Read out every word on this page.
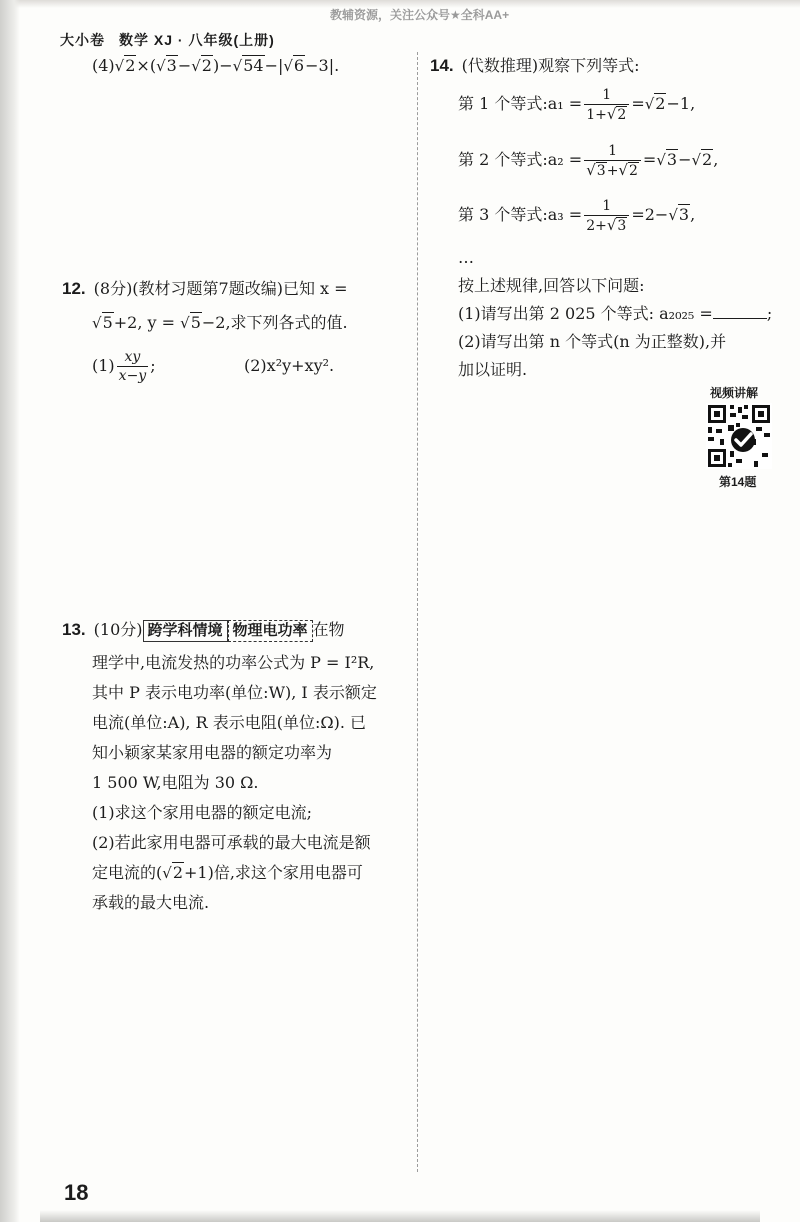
大小卷 数学 XJ · 八年级(上册)
教辅资源，关注公众号★全科AA+
(4)√2×(√3−√2)−√54−|√6−3|.
12. (8分)(教材习题第7题改编)已知 x =
√5+2, y = √5−2,求下列各式的值.
$(1) \frac{xy}{x-y}$ ;	(2)x²y+xy².
13. (10分) 跨学科情境 物理电功率 在物
理学中,电流发热的功率公式为 P = I²R,
其中 P 表示电功率(单位:W), I 表示额定
电流(单位:A), R 表示电阻(单位:Ω). 已
知小颖家某家用电器的额定功率为
1 500 W,电阻为 30 Ω.
(1)求这个家用电器的额定电流;
(2)若此家用电器可承载的最大电流是额
定电流的(√2+1)倍,求这个家用电器可
承载的最大电流.
14. (代数推理)观察下列等式:
第 1 个等式:a₁ = $\frac{1}{1+√2} =√2-1$,
第 2 个等式:a₂ = $\frac{1}{√3+√2} =√3-√2$,
第 3 个等式:a₃ = $\frac{1}{2+√3} =2-√3$,
…
按上述规律,回答以下问题:
(1)请写出第 2 025 个等式: a₂₀₂₅ =	;
(2)请写出第 n 个等式(n 为正整数),并
加以证明.
视频讲解
第14题
18
